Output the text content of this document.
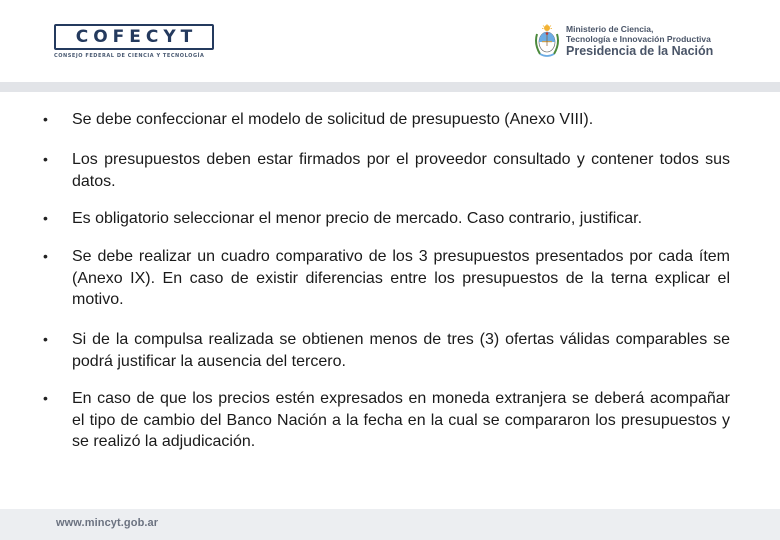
COFECYT
CONSEJO FEDERAL DE CIENCIA Y TECNOLOGÍA
Ministerio de Ciencia,
Tecnología e Innovación Productiva
Presidencia de la Nación
•	Se debe confeccionar el modelo de solicitud de presupuesto (Anexo VIII).
•	Los presupuestos deben estar firmados por el proveedor consultado y contener todos sus datos.
•	Es obligatorio seleccionar el menor precio de mercado. Caso contrario, justificar.
•	Se debe realizar un cuadro comparativo de los 3 presupuestos presentados por cada ítem (Anexo IX). En caso de existir diferencias entre los presupuestos de la terna explicar el motivo.
•	Si de la compulsa realizada se obtienen menos de tres (3) ofertas válidas comparables se podrá justificar la ausencia del tercero.
•	En caso de que los precios estén expresados en moneda extranjera se deberá acompañar el tipo de cambio del Banco Nación a la fecha en la cual se compararon los presupuestos y se realizó la adjudicación.
www.mincyt.gob.ar
